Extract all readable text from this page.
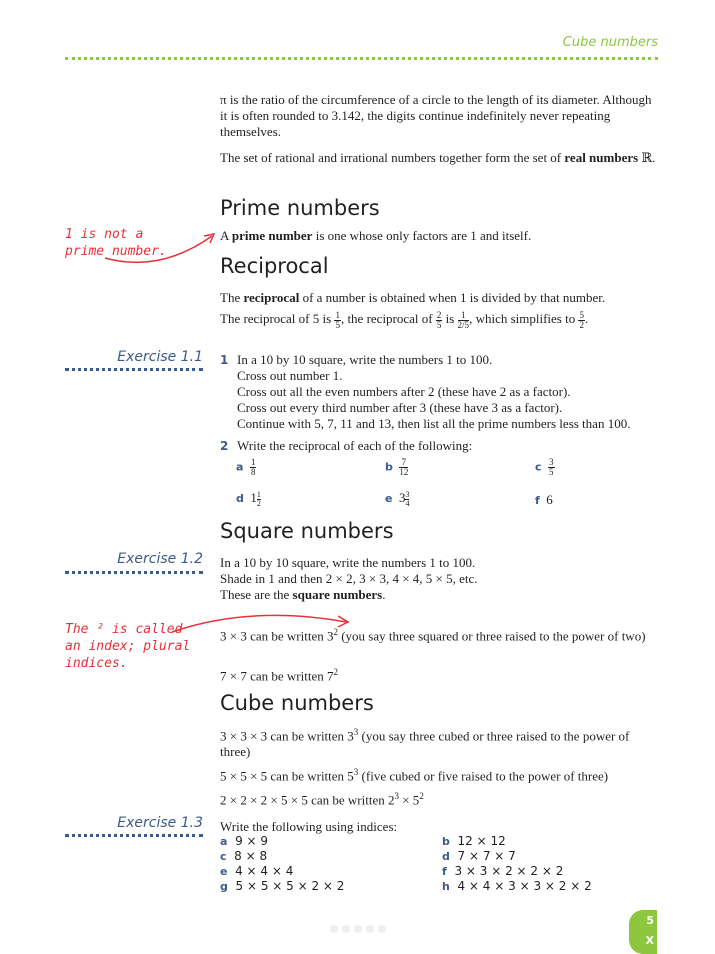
Cube numbers
π is the ratio of the circumference of a circle to the length of its diameter. Although it is often rounded to 3.142, the digits continue indefinitely never repeating themselves.
The set of rational and irrational numbers together form the set of real numbers ℝ.
Prime numbers
1 is not a prime number.
A prime number is one whose only factors are 1 and itself.
Reciprocal
The reciprocal of a number is obtained when 1 is divided by that number.
The reciprocal of 5 is $\frac{1}{5}$ , the reciprocal of $\frac{2}{5}$ is $\frac{1}{2/5}$ , which simplifies to $\frac{5}{2}$ .
Exercise 1.1 1 In a 10 by 10 square, write the numbers 1 to 100.
Cross out number 1.
Cross out all the even numbers after 2 (these have 2 as a factor).
Cross out every third number after 3 (these have 3 as a factor).
Continue with 5, 7, 11 and 13, then list all the prime numbers less than 100.
2 Write the reciprocal of each of the following:
a $\frac{1}{8}$	b $\frac{7}{12}$	c $\frac{3}{5}$
d $1 \frac{1}{2}$	e $3 \frac{3}{4}$	f 6
Square numbers
Exercise 1.2 In a 10 by 10 square, write the numbers 1 to 100.
Shade in 1 and then 2 × 2, 3 × 3, 4 × 4, 5 × 5, etc.
These are the square numbers.
The ² is called an index; plural indices.
3 × 3 can be written $3^2$ (you say three squared or three raised to the power of two)
7 × 7 can be written $7^2$
Cube numbers
3 × 3 × 3 can be written $3^3$ (you say three cubed or three raised to the power of three)
5 × 5 × 5 can be written $5^3$ (five cubed or five raised to the power of three)
2 × 2 × 2 × 5 × 5 can be written $2^3 \times 5^2$
Exercise 1.3 Write the following using indices:
a 9 × 9	b 12 × 12
c 8 × 8	d 7 × 7 × 7
e 4 × 4 × 4	f 3 × 3 × 2 × 2 × 2
g 5 × 5 × 5 × 2 × 2	h 4 × 4 × 3 × 3 × 2 × 2
5
X
